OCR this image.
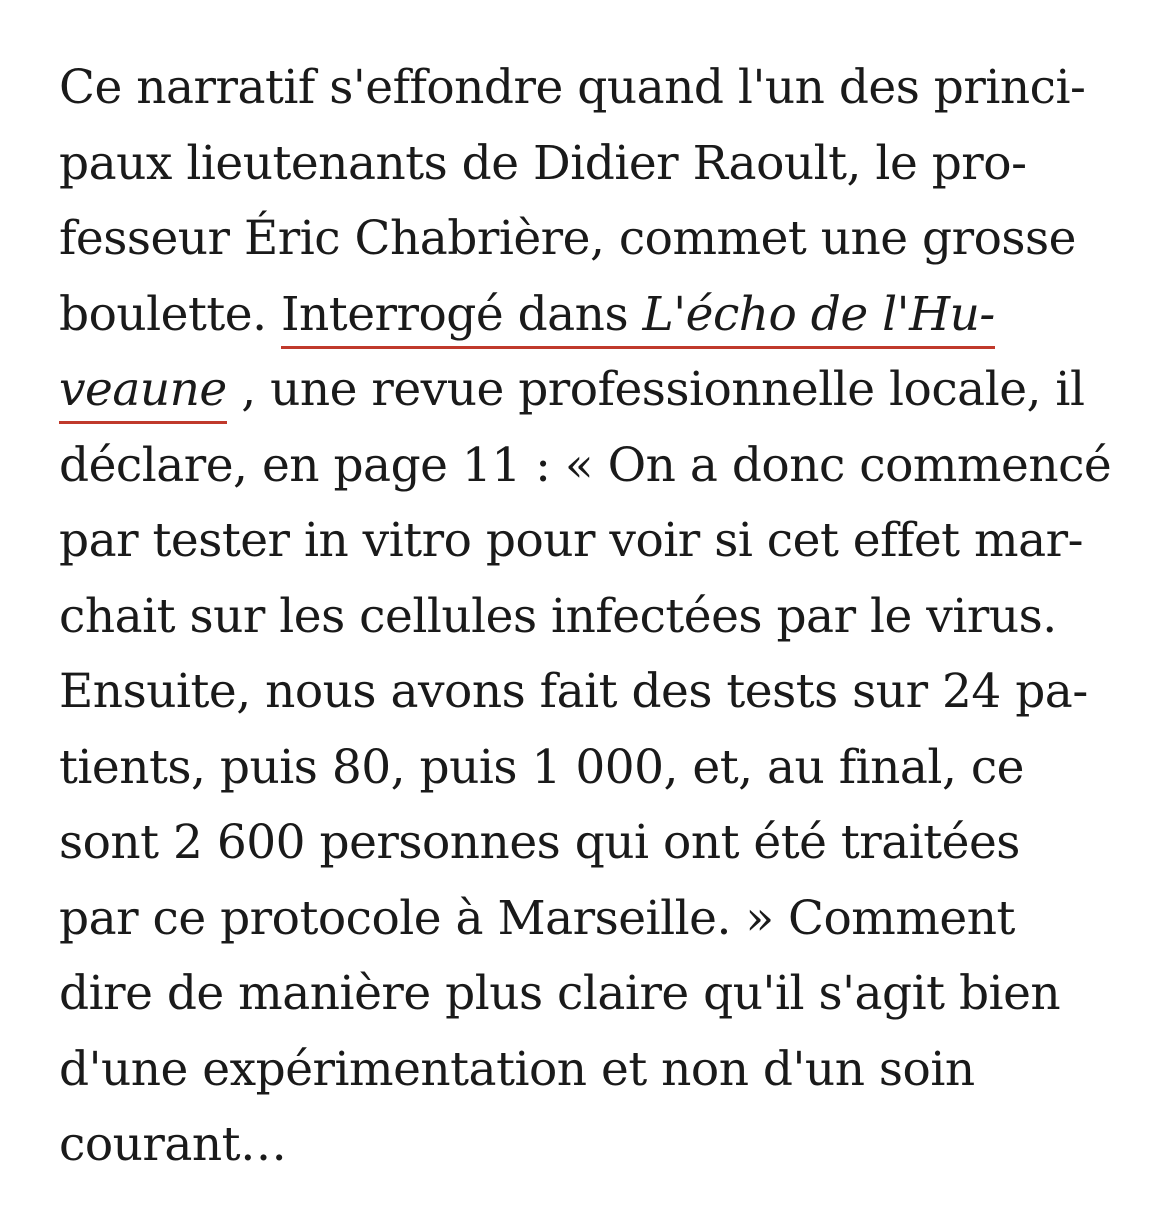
Ce narratif s'effondre quand l'un des princi-
paux lieutenants de Didier Raoult, le pro-
fesseur Éric Chabrière, commet une grosse
boulette. Interrogé dans L'écho de l'Hu-
veaune , une revue professionnelle locale, il
déclare, en page 11 : « On a donc commencé
par tester in vitro pour voir si cet effet mar-
chait sur les cellules infectées par le virus.
Ensuite, nous avons fait des tests sur 24 pa-
tients, puis 80, puis 1 000, et, au final, ce
sont 2 600 personnes qui ont été traitées
par ce protocole à Marseille. » Comment
dire de manière plus claire qu'il s'agit bien
d'une expérimentation et non d'un soin
courant…
